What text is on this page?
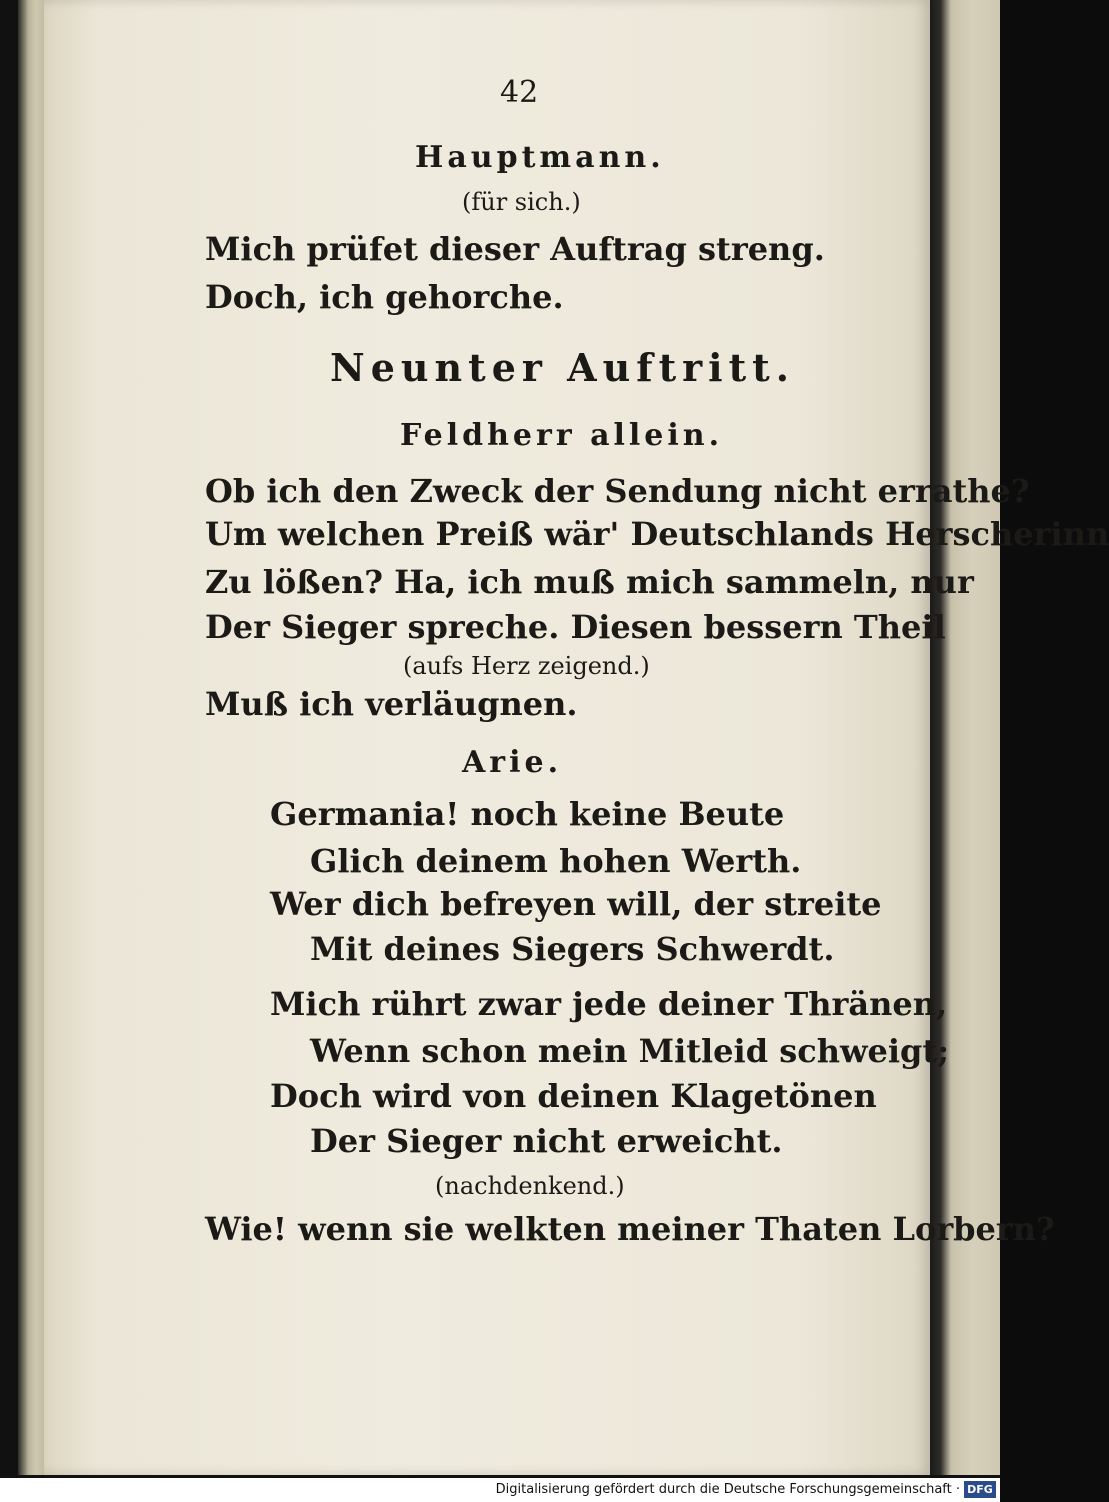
42
Hauptmann.
(für sich.)
Mich prüfet dieser Auftrag streng.
Doch, ich gehorche.
Neunter Auftritt.
Feldherr allein.
Ob ich den Zweck der Sendung nicht errathe?
Um welchen Preiß wär' Deutschlands Herscherinn
Zu lößen? Ha, ich muß mich sammeln, nur
Der Sieger spreche. Diesen bessern Theil
(aufs Herz zeigend.)
Muß ich verläugnen.
Arie.
Germania! noch keine Beute
Glich deinem hohen Werth.
Wer dich befreyen will, der streite
Mit deines Siegers Schwerdt.
Mich rührt zwar jede deiner Thränen,
Wenn schon mein Mitleid schweigt;
Doch wird von deinen Klagetönen
Der Sieger nicht erweicht.
(nachdenkend.)
Wie! wenn sie welkten meiner Thaten Lorbern?
Digitalisierung gefördert durch die Deutsche Forschungsgemeinschaft · DFG
